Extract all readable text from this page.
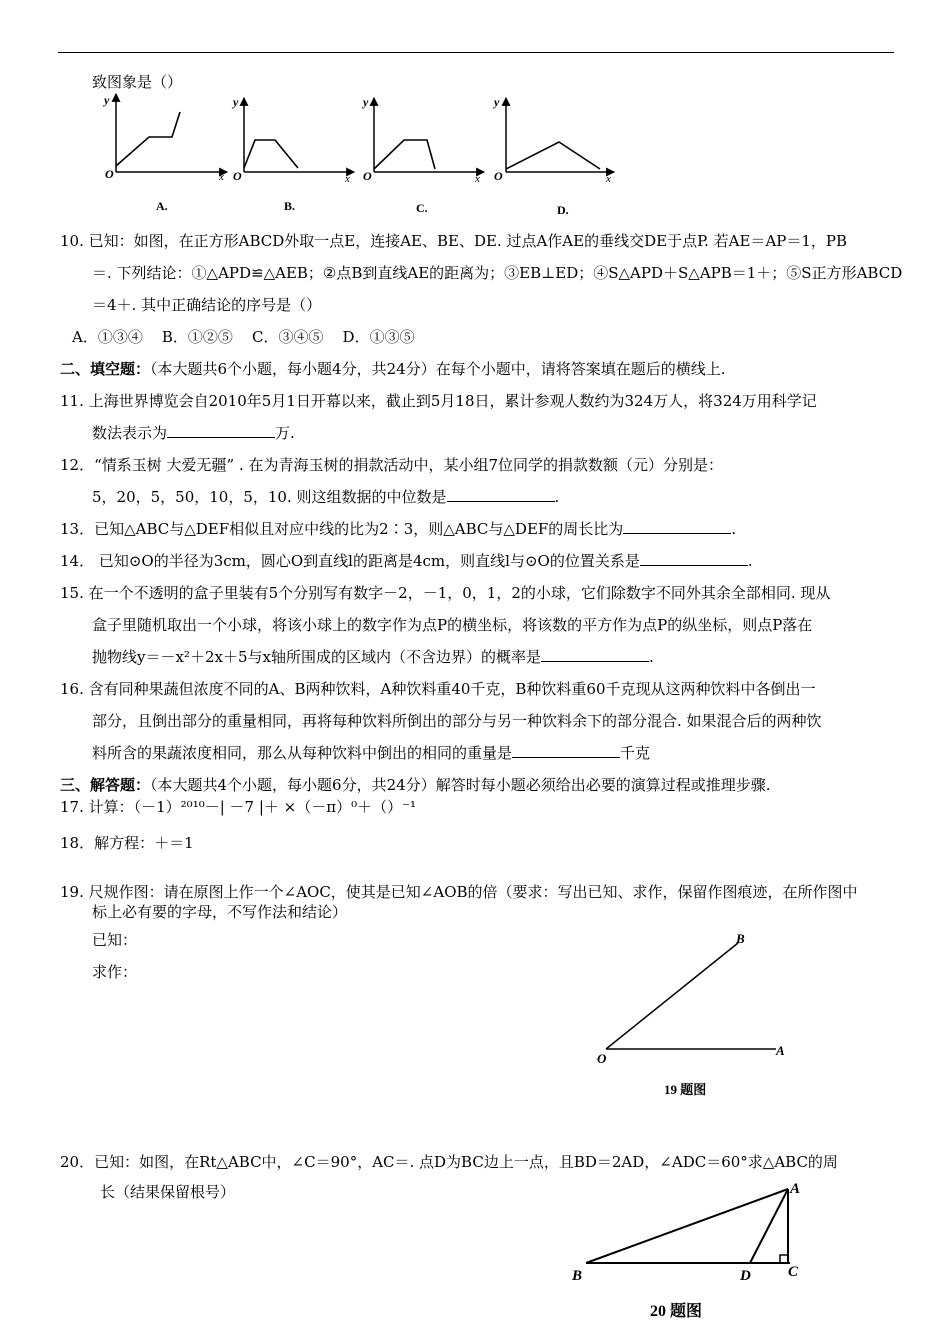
致图象是（）
y
O	x
A.
y
O	x
B.
y
O	x
C.
y
O	x
D.
10. 已知：如图，在正方形ABCD外取一点E，连接AE、BE、DE. 过点A作AE的垂线交DE于点P. 若AE＝AP＝1，PB
＝. 下列结论：①△APD≌△AEB；②点B到直线AE的距离为；③EB⊥ED；④S△APD＋S△APB＝1＋；⑤S正方形ABCD
＝4＋. 其中正确结论的序号是（）
A．①③④    B．①②⑤    C．③④⑤    D．①③⑤
二、填空题：（本大题共6个小题，每小题4分，共24分）在每个小题中，请将答案填在题后的横线上.
11. 上海世界博览会自2010年5月1日开幕以来，截止到5月18日，累计参观人数约为324万人，将324万用科学记
数法表示为	万.
12．“情系玉树 大爱无疆” . 在为青海玉树的捐款活动中，某小组7位同学的捐款数额（元）分别是：
5，20，5，50，10，5，10. 则这组数据的中位数是	.
13．已知△ABC与△DEF相似且对应中线的比为2∶3，则△ABC与△DEF的周长比为	.
14． 已知⊙O的半径为3cm，圆心O到直线l的距离是4cm，则直线l与⊙O的位置关系是	.
15. 在一个不透明的盒子里装有5个分别写有数字－2，－1，0，1，2的小球，它们除数字不同外其余全部相同. 现从
盒子里随机取出一个小球，将该小球上的数字作为点P的横坐标，将该数的平方作为点P的纵坐标，则点P落在
抛物线y＝－x²＋2x＋5与x轴所围成的区域内（不含边界）的概率是	.
16. 含有同种果蔬但浓度不同的A、B两种饮料，A种饮料重40千克，B种饮料重60千克现从这两种饮料中各倒出一
部分，且倒出部分的重量相同，再将每种饮料所倒出的部分与另一种饮料余下的部分混合. 如果混合后的两种饮
料所含的果蔬浓度相同，那么从每种饮料中倒出的相同的重量是	千克
三、解答题：（本大题共4个小题，每小题6分，共24分）解答时每小题必须给出必要的演算过程或推理步骤.
17. 计算：（－1）²⁰¹⁰－| －7 |＋ ×（－π）⁰＋（）⁻¹
18．解方程：＋＝1
19. 尺规作图：请在原图上作一个∠AOC，使其是已知∠AOB的倍（要求：写出已知、求作，保留作图痕迹，在所作图中
标上必有要的字母，不写作法和结论）
已知：
求作：
B
O
A
19 题图
20．已知：如图，在Rt△ABC中，∠C＝90°，AC＝. 点D为BC边上一点，且BD＝2AD，∠ADC＝60°求△ABC的周
长（结果保留根号）	A
B	D C
20 题图
